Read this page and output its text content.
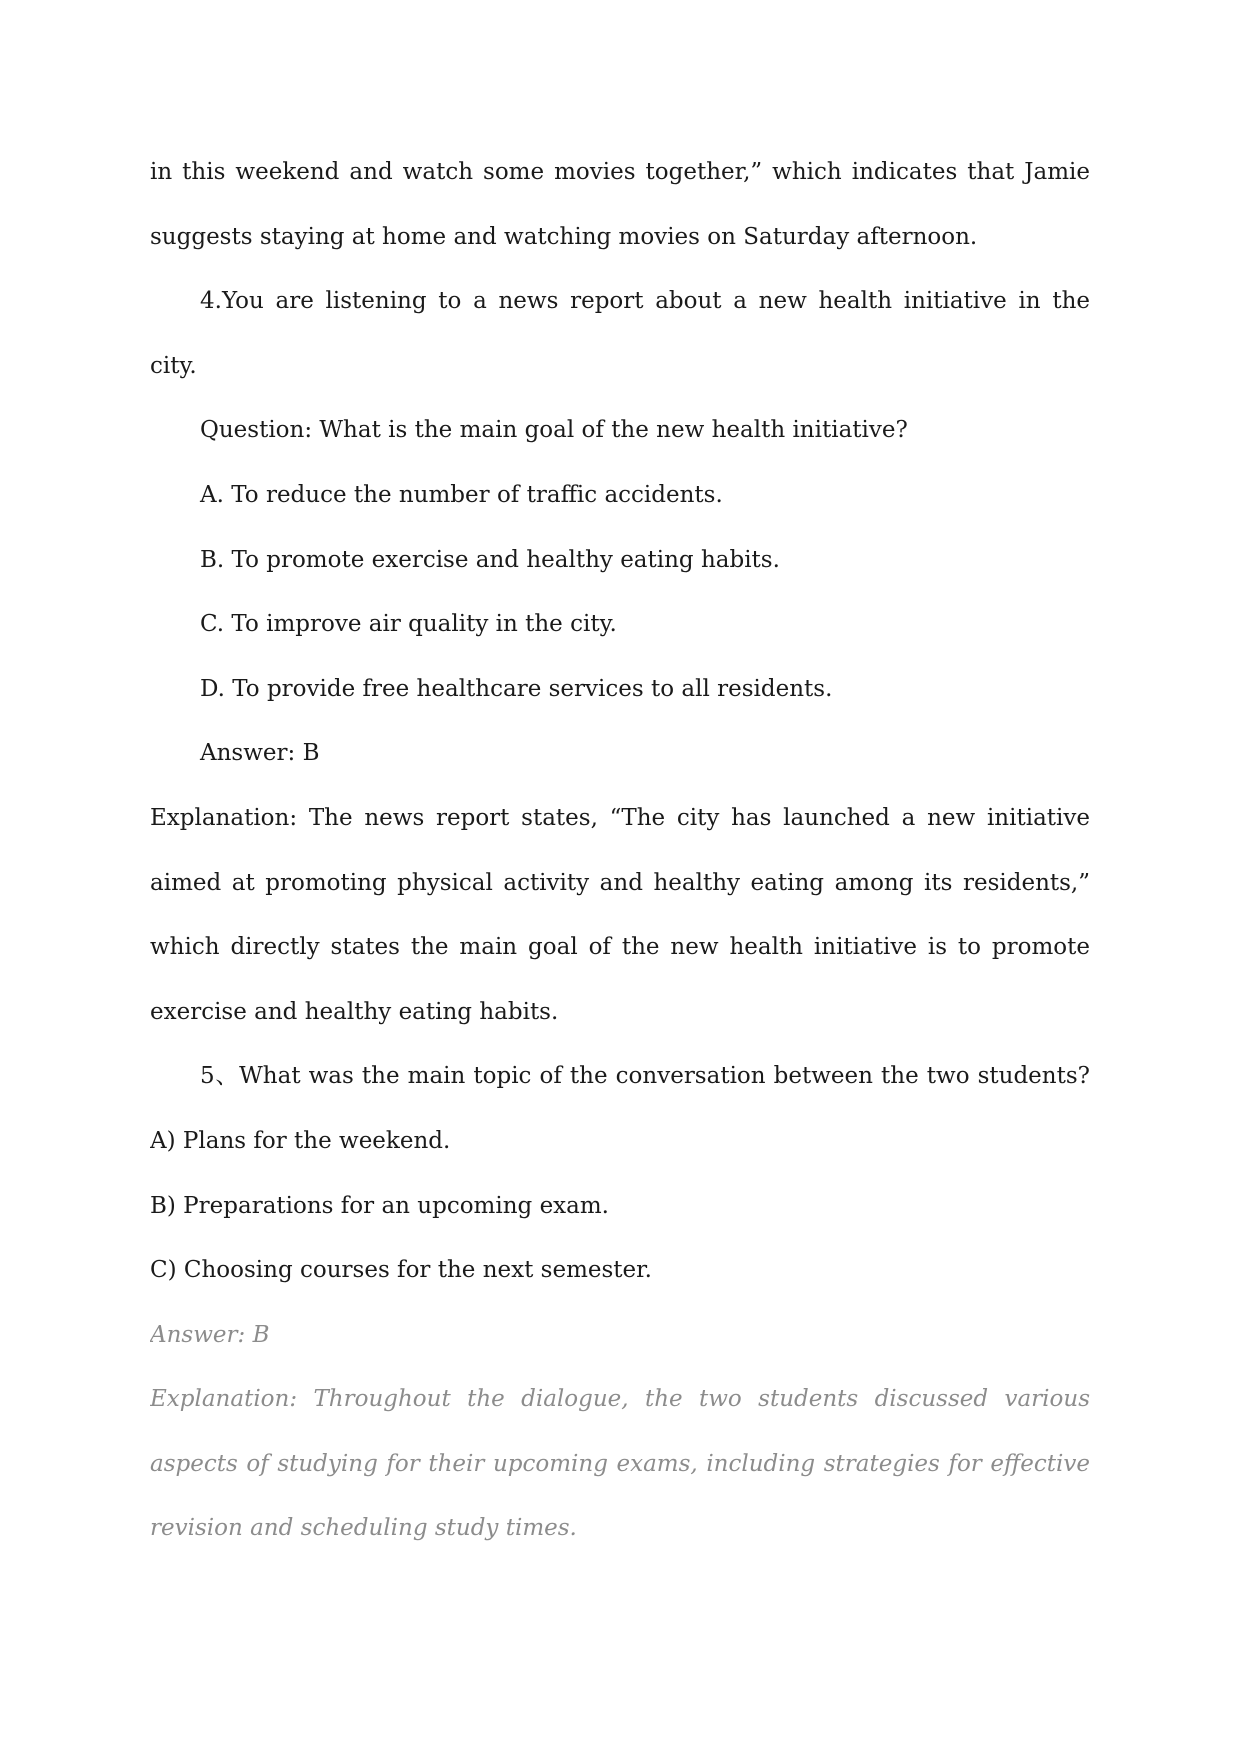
in this weekend and watch some movies together,” which indicates that Jamie
suggests staying at home and watching movies on Saturday afternoon.
4.You are listening to a news report about a new health initiative in the
city.
Question: What is the main goal of the new health initiative?
A. To reduce the number of traffic accidents.
B. To promote exercise and healthy eating habits.
C. To improve air quality in the city.
D. To provide free healthcare services to all residents.
Answer: B
Explanation: The news report states, “The city has launched a new initiative
aimed at promoting physical activity and healthy eating among its residents,”
which directly states the main goal of the new health initiative is to promote
exercise and healthy eating habits.
5、What was the main topic of the conversation between the two students?
A) Plans for the weekend.
B) Preparations for an upcoming exam.
C) Choosing courses for the next semester.
Answer: B
Explanation: Throughout the dialogue, the two students discussed various
aspects of studying for their upcoming exams, including strategies for effective
revision and scheduling study times.
